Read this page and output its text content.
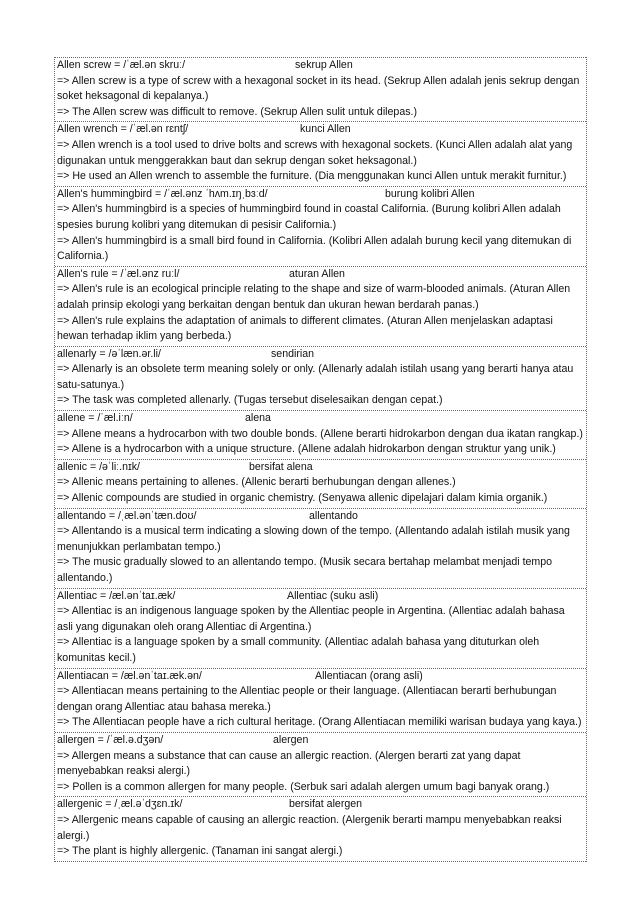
Allen screw = /ˈæl.ən skruː/	sekrup Allen
=> Allen screw is a type of screw with a hexagonal socket in its head. (Sekrup Allen adalah jenis sekrup dengan soket heksagonal di kepalanya.)
=> The Allen screw was difficult to remove. (Sekrup Allen sulit untuk dilepas.)
Allen wrench = /ˈæl.ən rɛntʃ/	kunci Allen
=> Allen wrench is a tool used to drive bolts and screws with hexagonal sockets. (Kunci Allen adalah alat yang digunakan untuk menggerakkan baut dan sekrup dengan soket heksagonal.)
=> He used an Allen wrench to assemble the furniture. (Dia menggunakan kunci Allen untuk merakit furnitur.)
Allen's hummingbird = /ˈæl.ənz ˈhʌm.ɪŋˌbɜːd/	burung kolibri Allen
=> Allen's hummingbird is a species of hummingbird found in coastal California. (Burung kolibri Allen adalah spesies burung kolibri yang ditemukan di pesisir California.)
=> Allen's hummingbird is a small bird found in California. (Kolibri Allen adalah burung kecil yang ditemukan di California.)
Allen's rule = /ˈæl.ənz ruːl/	aturan Allen
=> Allen's rule is an ecological principle relating to the shape and size of warm-blooded animals. (Aturan Allen adalah prinsip ekologi yang berkaitan dengan bentuk dan ukuran hewan berdarah panas.)
=> Allen's rule explains the adaptation of animals to different climates. (Aturan Allen menjelaskan adaptasi hewan terhadap iklim yang berbeda.)
allenarly = /əˈlæn.ər.li/	sendirian
=> Allenarly is an obsolete term meaning solely or only. (Allenarly adalah istilah usang yang berarti hanya atau satu-satunya.)
=> The task was completed allenarly. (Tugas tersebut diselesaikan dengan cepat.)
allene = /ˈæl.iːn/	alena
=> Allene means a hydrocarbon with two double bonds. (Allene berarti hidrokarbon dengan dua ikatan rangkap.)
=> Allene is a hydrocarbon with a unique structure. (Allene adalah hidrokarbon dengan struktur yang unik.)
allenic = /əˈliː.nɪk/	bersifat alena
=> Allenic means pertaining to allenes. (Allenic berarti berhubungan dengan allenes.)
=> Allenic compounds are studied in organic chemistry. (Senyawa allenic dipelajari dalam kimia organik.)
allentando = /ˌæl.ənˈtæn.doʊ/	allentando
=> Allentando is a musical term indicating a slowing down of the tempo. (Allentando adalah istilah musik yang menunjukkan perlambatan tempo.)
=> The music gradually slowed to an allentando tempo. (Musik secara bertahap melambat menjadi tempo allentando.)
Allentiac = /æl.ənˈtaɪ.æk/	Allentiac (suku asli)
=> Allentiac is an indigenous language spoken by the Allentiac people in Argentina. (Allentiac adalah bahasa asli yang digunakan oleh orang Allentiac di Argentina.)
=> Allentiac is a language spoken by a small community. (Allentiac adalah bahasa yang dituturkan oleh komunitas kecil.)
Allentiacan = /æl.ənˈtaɪ.æk.ən/	Allentiacan (orang asli)
=> Allentiacan means pertaining to the Allentiac people or their language. (Allentiacan berarti berhubungan dengan orang Allentiac atau bahasa mereka.)
=> The Allentiacan people have a rich cultural heritage. (Orang Allentiacan memiliki warisan budaya yang kaya.)
allergen = /ˈæl.ə.dʒən/	alergen
=> Allergen means a substance that can cause an allergic reaction. (Alergen berarti zat yang dapat menyebabkan reaksi alergi.)
=> Pollen is a common allergen for many people. (Serbuk sari adalah alergen umum bagi banyak orang.)
allergenic = /ˌæl.əˈdʒɛn.ɪk/	bersifat alergen
=> Allergenic means capable of causing an allergic reaction. (Alergenik berarti mampu menyebabkan reaksi alergi.)
=> The plant is highly allergenic. (Tanaman ini sangat alergi.)
